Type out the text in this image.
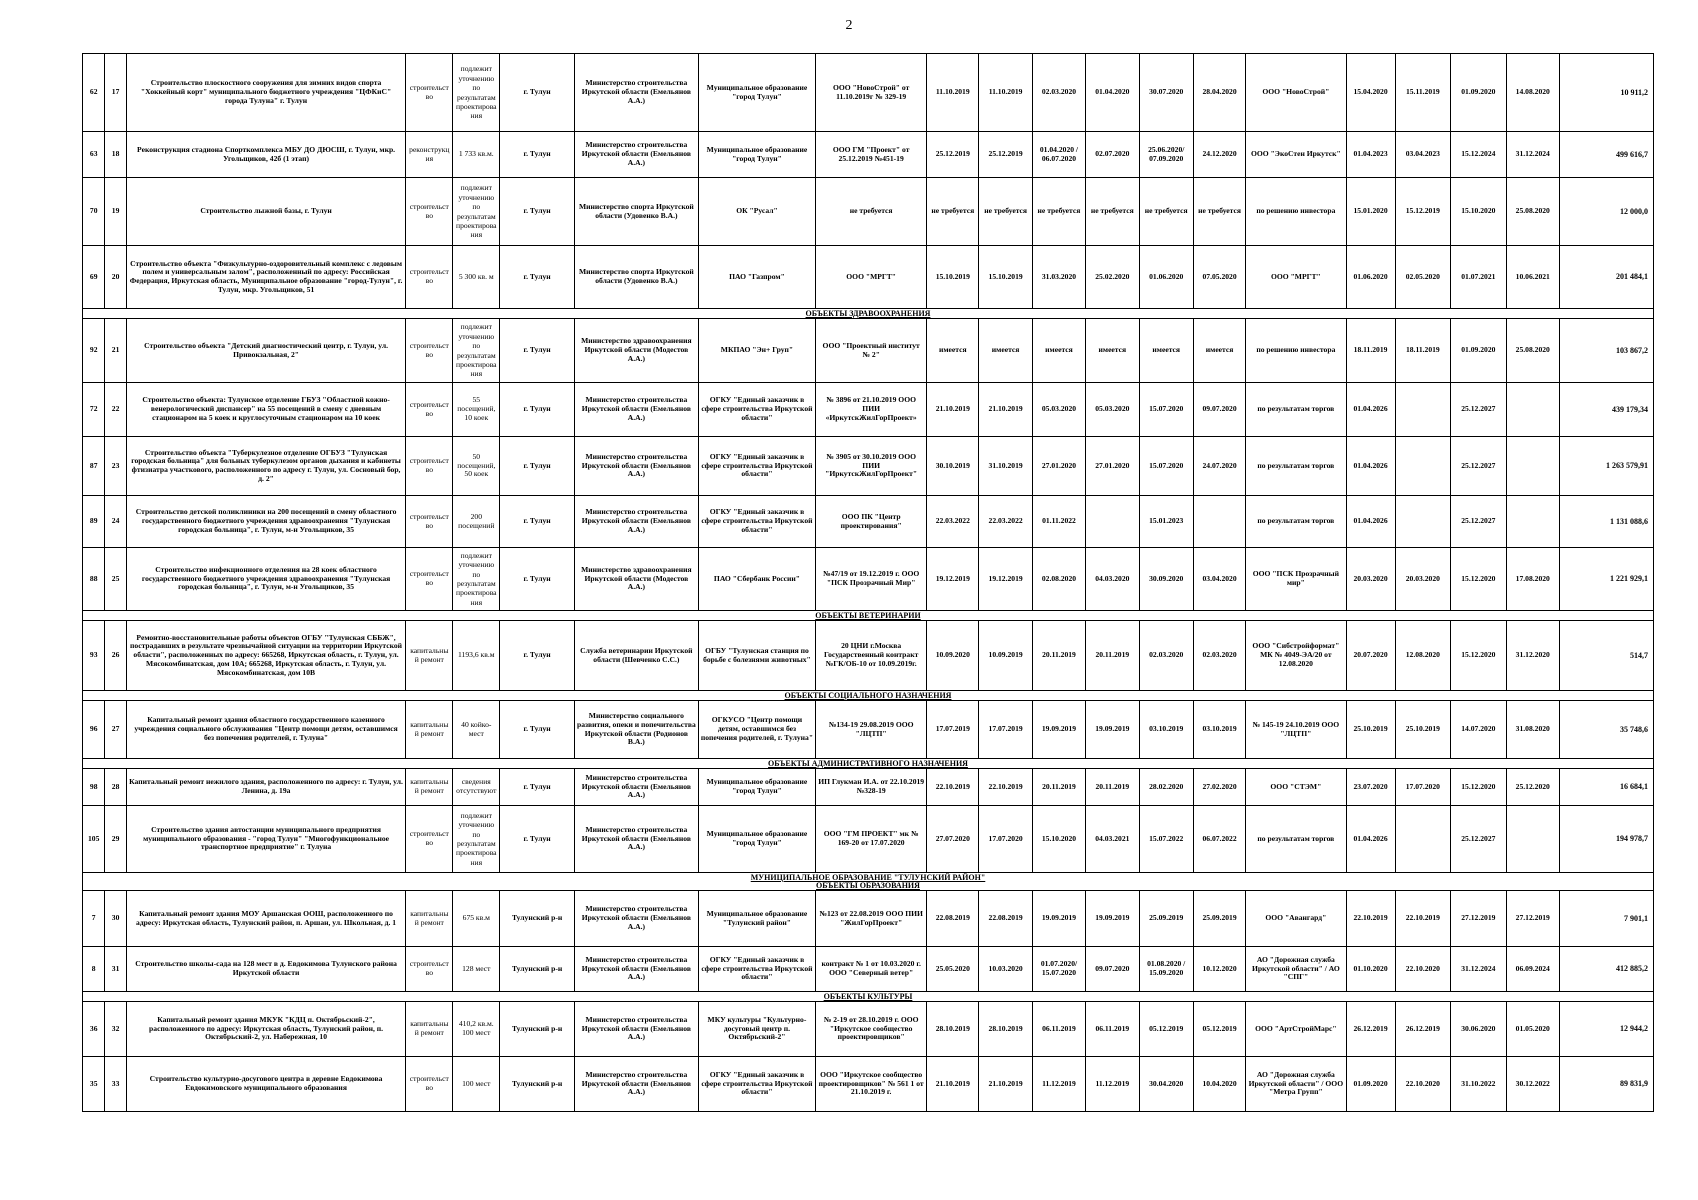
2
62	17	Строительство плоскостного сооружения для зимних видов спорта "Хоккейный корт" муниципального бюджетного учреждения "ЦФКиС" города Тулуна" г. Тулун	строительство	подлежит уточнению по результатам проектирования	г. Тулун	Министерство строительства Иркутской области (Емельянов А.А.)	Муниципальное образование "город Тулун"	ООО "НовоСтрой" от 11.10.2019г № 329-19	11.10.2019	11.10.2019	02.03.2020	01.04.2020	30.07.2020	28.04.2020	ООО "НовоСтрой"	15.04.2020	15.11.2019	01.09.2020	14.08.2020	10 911,2
63	18	Реконструкция стадиона Спорткомплекса МБУ ДО ДЮСШ, г. Тулун, мкр. Угольщиков, 42б (1 этап)	реконструкция	1 733 кв.м.	г. Тулун	Министерство строительства Иркутской области (Емельянов А.А.)	Муниципальное образование "город Тулун"	ООО ГМ "Проект" от 25.12.2019 №451-19	25.12.2019	25.12.2019	01.04.2020 / 06.07.2020	02.07.2020	25.06.2020/ 07.09.2020	24.12.2020	ООО "ЭкоСтен Иркутск"	01.04.2023	03.04.2023	15.12.2024	31.12.2024	499 616,7
70	19	Строительство лыжной базы, г. Тулун	строительство	подлежит уточнению по результатам проектирования	г. Тулун	Министерство спорта Иркутской области (Удовенко В.А.)	ОК "Русал"	не требуется	не требуется	не требуется	не требуется	не требуется	не требуется	не требуется	по решению инвестора	15.01.2020	15.12.2019	15.10.2020	25.08.2020	12 000,0
69	20	Строительство объекта "Физкультурно-оздоровительный комплекс с ледовым полем и универсальным залом", расположенный по адресу: Российская Федерация, Иркутская область, Муниципальное образование "город-Тулун", г. Тулун, мкр. Угольщиков, 51	строительство	5 300 кв. м	г. Тулун	Министерство спорта Иркутской области (Удовенко В.А.)	ПАО "Газпром"	ООО "МРГТ"	15.10.2019	15.10.2019	31.03.2020	25.02.2020	01.06.2020	07.05.2020	ООО "МРГТ"	01.06.2020	02.05.2020	01.07.2021	10.06.2021	201 484,1
ОБЪЕКТЫ ЗДРАВООХРАНЕНИЯ																				
92	21	Строительство объекта "Детский диагностический центр, г. Тулун, ул. Привокзальная, 2"	строительство	подлежит уточнению по результатам проектирования	г. Тулун	Министерство здравоохранения Иркутской области (Модестов А.А.)	МКПАО "Эн+ Груп"	ООО "Проектный институт № 2"	имеется	имеется	имеется	имеется	имеется	имеется	по решению инвестора	18.11.2019	18.11.2019	01.09.2020	25.08.2020	103 867,2
72	22	Строительство объекта: Тулунское отделение ГБУЗ "Областной кожно-венерологический диспансер" на 55 посещений в смену с дневным стационаром на 5 коек и круглосуточным стационаром на 10 коек	строительство	55 посещений, 10 коек	г. Тулун	Министерство строительства Иркутской области (Емельянов А.А.)	ОГКУ "Единый заказчик в сфере строительства Иркутской области"	№ 3896 от 21.10.2019 ООО ПИИ «ИркутскЖилГорПроект»	21.10.2019	21.10.2019	05.03.2020	05.03.2020	15.07.2020	09.07.2020	по результатам торгов	01.04.2026		25.12.2027		439 179,34
87	23	Строительство объекта "Туберкулезное отделение ОГБУЗ "Тулунская городская больница" для больных туберкулезом органов дыхания и кабинеты фтизиатра участкового, расположенного по адресу г. Тулун, ул. Сосновый бор, д. 2"	строительство	50 посещений, 50 коек	г. Тулун	Министерство строительства Иркутской области (Емельянов А.А.)	ОГКУ "Единый заказчик в сфере строительства Иркутской области"	№ 3905 от 30.10.2019 ООО ПИИ "ИркутскЖилГорПроект"	30.10.2019	31.10.2019	27.01.2020	27.01.2020	15.07.2020	24.07.2020	по результатам торгов	01.04.2026		25.12.2027		1 263 579,91
89	24	Строительство детской поликлиники на 200 посещений в смену областного государственного бюджетного учреждения здравоохранения "Тулунская городская больница", г. Тулун, м-н Угольщиков, 35	строительство	200 посещений	г. Тулун	Министерство строительства Иркутской области (Емельянов А.А.)	ОГКУ "Единый заказчик в сфере строительства Иркутской области"	ООО ПК "Центр проектирования"	22.03.2022	22.03.2022	01.11.2022		15.01.2023		по результатам торгов	01.04.2026		25.12.2027		1 131 088,6
88	25	Строительство инфекционного отделения на 28 коек областного государственного бюджетного учреждения здравоохранения "Тулунская городская больница", г. Тулун, м-н Угольщиков, 35	строительство	подлежит уточнению по результатам проектирования	г. Тулун	Министерство здравоохранения Иркутской области (Модестов А.А.)	ПАО "Сбербанк России"	№47/19 от 19.12.2019 г. ООО "ПСК Прозрачный Мир"	19.12.2019	19.12.2019	02.08.2020	04.03.2020	30.09.2020	03.04.2020	ООО "ПСК Прозрачный мир"	20.03.2020	20.03.2020	15.12.2020	17.08.2020	1 221 929,1
ОБЪЕКТЫ ВЕТЕРИНАРИИ																				
93	26	Ремонтно-восстановительные работы объектов ОГБУ "Тулунская СББЖ", пострадавших в результате чрезвычайной ситуации на территории Иркутской области", расположенных по адресу: 665268, Иркутская область, г. Тулун, ул. Мясокомбинатская, дом 10А; 665268, Иркутская область, г. Тулун, ул. Мясокомбинатская, дом 10В	капитальный ремонт	1193,6 кв.м	г. Тулун	Служба ветеринарии Иркутской области (Шевченко С.С.)	ОГБУ "Тулунская станция по борьбе с болезнями животных"	20 ЦНИ г.Москва Государственный контракт №ГК/ОБ-10 от 10.09.2019г.	10.09.2020	10.09.2019	20.11.2019	20.11.2019	02.03.2020	02.03.2020	ООО "Сибстройформат" МК № 4049-ЭА/20 от 12.08.2020	20.07.2020	12.08.2020	15.12.2020	31.12.2020	514,7
ОБЪЕКТЫ СОЦИАЛЬНОГО НАЗНАЧЕНИЯ																				
96	27	Капитальный ремонт здания областного государственного казенного учреждения социального обслуживания "Центр помощи детям, оставшимся без попечения родителей, г. Тулуна"	капитальный ремонт	40 койко-мест	г. Тулун	Министерство социального развития, опеки и попечительства Иркутской области (Родионов В.А.)	ОГКУСО "Центр помощи детям, оставшимся без попечения родителей, г. Тулуна"	№134-19 29.08.2019 ООО "ЛЦТП"	17.07.2019	17.07.2019	19.09.2019	19.09.2019	03.10.2019	03.10.2019	№ 145-19 24.10.2019 ООО "ЛЦТП"	25.10.2019	25.10.2019	14.07.2020	31.08.2020	35 748,6
ОБЪЕКТЫ АДМИНИСТРАТИВНОГО НАЗНАЧЕНИЯ																				
98	28	Капитальный ремонт нежилого здания, расположенного по адресу: г. Тулун, ул. Ленина, д. 19а	капитальный ремонт	сведения отсутствуют	г. Тулун	Министерство строительства Иркутской области (Емельянов А.А.)	Муниципальное образование "город Тулун"	ИП Глукман И.А. от 22.10.2019 №328-19	22.10.2019	22.10.2019	20.11.2019	20.11.2019	28.02.2020	27.02.2020	ООО "СТЭМ"	23.07.2020	17.07.2020	15.12.2020	25.12.2020	16 684,1
105	29	Строительство здания автостанции муниципального предприятия муниципального образования - "город Тулун" "Многофункциональное транспортное предприятие" г. Тулуна	строительство	подлежит уточнению по результатам проектирования	г. Тулун	Министерство строительства Иркутской области (Емельянов А.А.)	Муниципальное образование "город Тулун"	ООО "ГМ ПРОЕКТ" мк № 169-20 от 17.07.2020	27.07.2020	17.07.2020	15.10.2020	04.03.2021	15.07.2022	06.07.2022	по результатам торгов	01.04.2026		25.12.2027		194 978,7

МУНИЦИПАЛЬНОЕ ОБРАЗОВАНИЕ "ТУЛУНСКИЙ РАЙОН"
ОБЪЕКТЫ ОБРАЗОВАНИЯ																				

7	30	Капитальный ремонт здания МОУ Аршанская ООШ, расположенного по адресу: Иркутская область, Тулунский район, п. Аршан, ул. Школьная, д. 1	капитальный ремонт	675 кв.м	Тулунский р-н	Министерство строительства Иркутской области (Емельянов А.А.)	Муниципальное образование "Тулунский район"	№123 от 22.08.2019 ООО ПИИ "ЖилГорПроект"	22.08.2019	22.08.2019	19.09.2019	19.09.2019	25.09.2019	25.09.2019	ООО "Авангард"	22.10.2019	22.10.2019	27.12.2019	27.12.2019	7 901,1
8	31	Строительство школы-сада на 128 мест в д. Евдокимова Тулунского района Иркутской области	строительство	128 мест	Тулунский р-н	Министерство строительства Иркутской области (Емельянов А.А.)	ОГКУ "Единый заказчик в сфере строительства Иркутской области"	контракт № 1 от 10.03.2020 г. ООО "Северный ветер"	25.05.2020	10.03.2020	01.07.2020/ 15.07.2020	09.07.2020	01.08.2020 / 15.09.2020	10.12.2020	АО "Дорожная служба Иркутской области" / АО "СПГ"	01.10.2020	22.10.2020	31.12.2024	06.09.2024	412 885,2
ОБЪЕКТЫ КУЛЬТУРЫ																				
36	32	Капитальный ремонт здания МКУК "КДЦ п. Октябрьский-2", расположенного по адресу: Иркутская область, Тулунский район, п. Октябрьский-2, ул. Набережная, 10	капитальный ремонт	410,2 кв.м. 100 мест	Тулунский р-н	Министерство строительства Иркутской области (Емельянов А.А.)	МКУ культуры "Культурно-досуговый центр п. Октябрьский-2"	№ 2-19 от 28.10.2019 г. ООО "Иркутское сообщество проектировщиков"	28.10.2019	28.10.2019	06.11.2019	06.11.2019	05.12.2019	05.12.2019	ООО "АртСтройМарс"	26.12.2019	26.12.2019	30.06.2020	01.05.2020	12 944,2
35	33	Строительство культурно-досугового центра в деревне Евдокимова Евдокимовского муниципального образования	строительство	100 мест	Тулунский р-н	Министерство строительства Иркутской области (Емельянов А.А.)	ОГКУ "Единый заказчик в сфере строительства Иркутской области"	ООО "Иркутское сообщество проектировщиков" № 561 1 от 21.10.2019 г.	21.10.2019	21.10.2019	11.12.2019	11.12.2019	30.04.2020	10.04.2020	АО "Дорожная служба Иркутской области" / ООО "Метра Групп"	01.09.2020	22.10.2020	31.10.2022	30.12.2022	89 831,9
